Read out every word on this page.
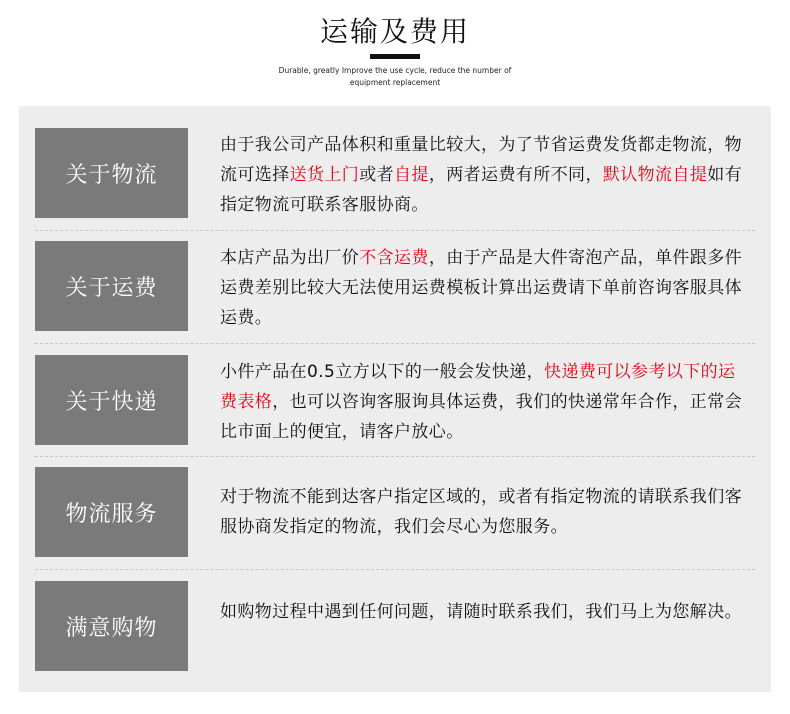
运输及费用
Durable, greatly Improve the use cycle, reduce the number of
equipment replacement
关于物流
由于我公司产品体积和重量比较大，为了节省运费发货都走物流，物流可选择送货上门或者自提，两者运费有所不同，默认物流自提如有指定物流可联系客服协商。
关于运费
本店产品为出厂价不含运费，由于产品是大件寄泡产品，单件跟多件运费差别比较大无法使用运费模板计算出运费请下单前咨询客服具体运费。
关于快递
小件产品在0.5立方以下的一般会发快递，快递费可以参考以下的运费表格，也可以咨询客服询具体运费，我们的快递常年合作，正常会比市面上的便宜，请客户放心。
物流服务
对于物流不能到达客户指定区域的，或者有指定物流的请联系我们客服协商发指定的物流，我们会尽心为您服务。
满意购物
如购物过程中遇到任何问题，请随时联系我们，我们马上为您解决。
